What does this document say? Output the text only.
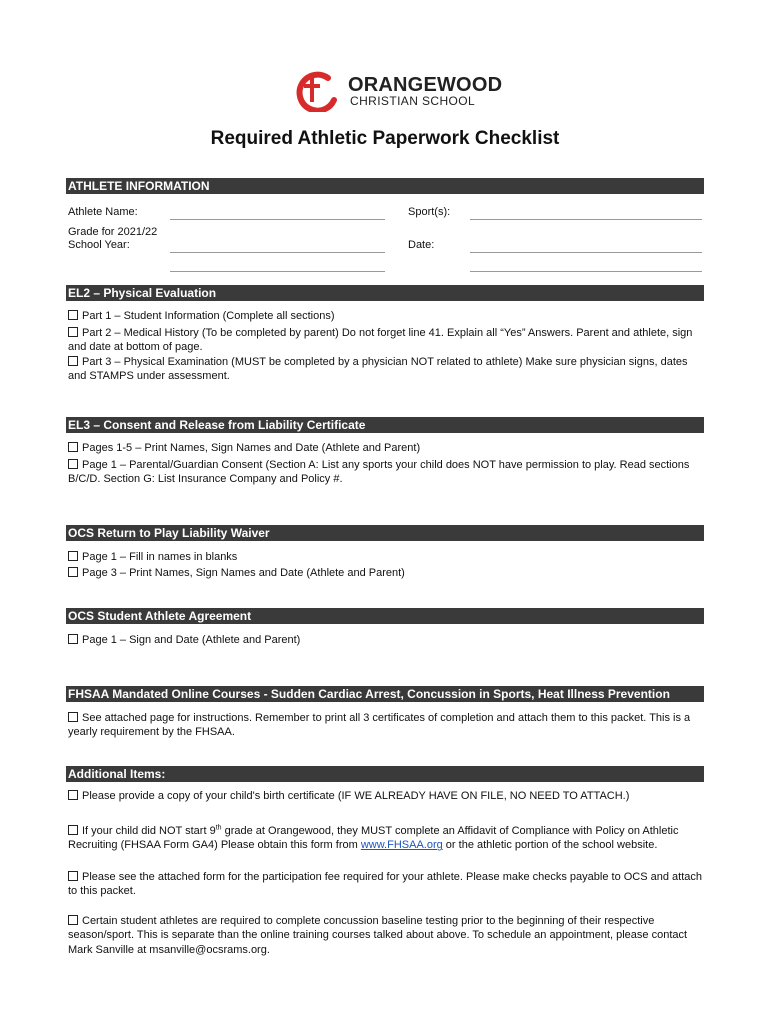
ORANGEWOOD
CHRISTIAN SCHOOL
Required Athletic Paperwork Checklist
ATHLETE INFORMATION
Athlete Name:	Sport(s):
Grade for 2021/22
School Year:	Date:
EL2 – Physical Evaluation
Part 1 – Student Information (Complete all sections)
Part 2 – Medical History (To be completed by parent) Do not forget line 41. Explain all “Yes” Answers. Parent and athlete, sign and date at bottom of page.
Part 3 – Physical Examination (MUST be completed by a physician NOT related to athlete) Make sure physician signs, dates and STAMPS under assessment.
EL3 – Consent and Release from Liability Certificate
Pages 1-5 – Print Names, Sign Names and Date (Athlete and Parent)
Page 1 – Parental/Guardian Consent (Section A: List any sports your child does NOT have permission to play. Read sections B/C/D. Section G: List Insurance Company and Policy #.
OCS Return to Play Liability Waiver
Page 1 – Fill in names in blanks
Page 3 – Print Names, Sign Names and Date (Athlete and Parent)
OCS Student Athlete Agreement
Page 1 – Sign and Date (Athlete and Parent)
FHSAA Mandated Online Courses - Sudden Cardiac Arrest, Concussion in Sports, Heat Illness Prevention
See attached page for instructions. Remember to print all 3 certificates of completion and attach them to this packet. This is a yearly requirement by the FHSAA.
Additional Items:
Please provide a copy of your child's birth certificate (IF WE ALREADY HAVE ON FILE, NO NEED TO ATTACH.)
If your child did NOT start 9th grade at Orangewood, they MUST complete an Affidavit of Compliance with Policy on Athletic Recruiting (FHSAA Form GA4) Please obtain this form from www.FHSAA.org or the athletic portion of the school website.
Please see the attached form for the participation fee required for your athlete. Please make checks payable to OCS and attach to this packet.
Certain student athletes are required to complete concussion baseline testing prior to the beginning of their respective season/sport. This is separate than the online training courses talked about above. To schedule an appointment, please contact Mark Sanville at msanville@ocsrams.org.
